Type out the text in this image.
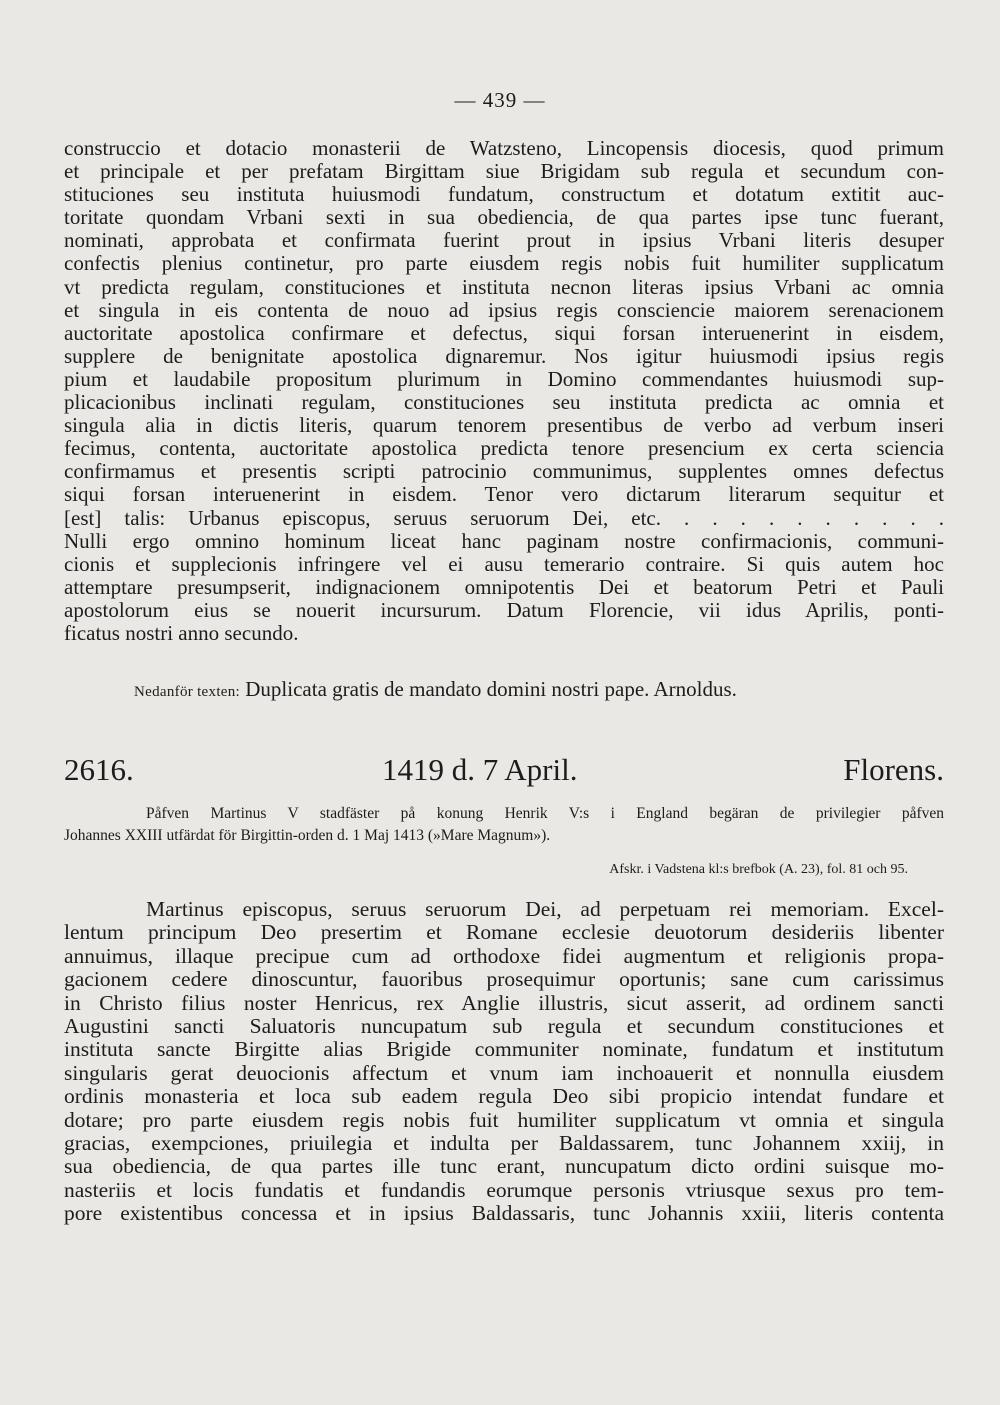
— 439 —
construccio et dotacio monasterii de Watzsteno, Lincopensis diocesis, quod primum
et principale et per prefatam Birgittam siue Brigidam sub regula et secundum con-
stituciones seu instituta huiusmodi fundatum, constructum et dotatum extitit auc-
toritate quondam Vrbani sexti in sua obediencia, de qua partes ipse tunc fuerant,
nominati, approbata et confirmata fuerint prout in ipsius Vrbani literis desuper
confectis plenius continetur, pro parte eiusdem regis nobis fuit humiliter supplicatum
vt predicta regulam, constituciones et instituta necnon literas ipsius Vrbani ac omnia
et singula in eis contenta de nouo ad ipsius regis consciencie maiorem serenacionem
auctoritate apostolica confirmare et defectus, siqui forsan interuenerint in eisdem,
supplere de benignitate apostolica dignaremur. Nos igitur huiusmodi ipsius regis
pium et laudabile propositum plurimum in Domino commendantes huiusmodi sup-
plicacionibus inclinati regulam, constituciones seu instituta predicta ac omnia et
singula alia in dictis literis, quarum tenorem presentibus de verbo ad verbum inseri
fecimus, contenta, auctoritate apostolica predicta tenore presencium ex certa sciencia
confirmamus et presentis scripti patrocinio communimus, supplentes omnes defectus
siqui forsan interuenerint in eisdem. Tenor vero dictarum literarum sequitur et
[est] talis: Urbanus episcopus, seruus seruorum Dei, etc. . . . . . . . . . .
Nulli ergo omnino hominum liceat hanc paginam nostre confirmacionis, communi-
cionis et supplecionis infringere vel ei ausu temerario contraire. Si quis autem hoc
attemptare presumpserit, indignacionem omnipotentis Dei et beatorum Petri et Pauli
apostolorum eius se nouerit incursurum. Datum Florencie, vii idus Aprilis, ponti-
ficatus nostri anno secundo.
Nedanför texten: Duplicata gratis de mandato domini nostri pape. Arnoldus.
2616.	1419 d. 7 April.	Florens.
Påfven Martinus V stadfäster på konung Henrik V:s i England begäran de privilegier påfven
Johannes XXIII utfärdat för Birgittin-orden d. 1 Maj 1413 (»Mare Magnum»).
Afskr. i Vadstena kl:s brefbok (A. 23), fol. 81 och 95.
Martinus episcopus, seruus seruorum Dei, ad perpetuam rei memoriam. Excel-
lentum principum Deo presertim et Romane ecclesie deuotorum desideriis libenter
annuimus, illaque precipue cum ad orthodoxe fidei augmentum et religionis propa-
gacionem cedere dinoscuntur, fauoribus prosequimur oportunis; sane cum carissimus
in Christo filius noster Henricus, rex Anglie illustris, sicut asserit, ad ordinem sancti
Augustini sancti Saluatoris nuncupatum sub regula et secundum constituciones et
instituta sancte Birgitte alias Brigide communiter nominate, fundatum et institutum
singularis gerat deuocionis affectum et vnum iam inchoauerit et nonnulla eiusdem
ordinis monasteria et loca sub eadem regula Deo sibi propicio intendat fundare et
dotare; pro parte eiusdem regis nobis fuit humiliter supplicatum vt omnia et singula
gracias, exempciones, priuilegia et indulta per Baldassarem, tunc Johannem xxiij, in
sua obediencia, de qua partes ille tunc erant, nuncupatum dicto ordini suisque mo-
nasteriis et locis fundatis et fundandis eorumque personis vtriusque sexus pro tem-
pore existentibus concessa et in ipsius Baldassaris, tunc Johannis xxiii, literis contenta
